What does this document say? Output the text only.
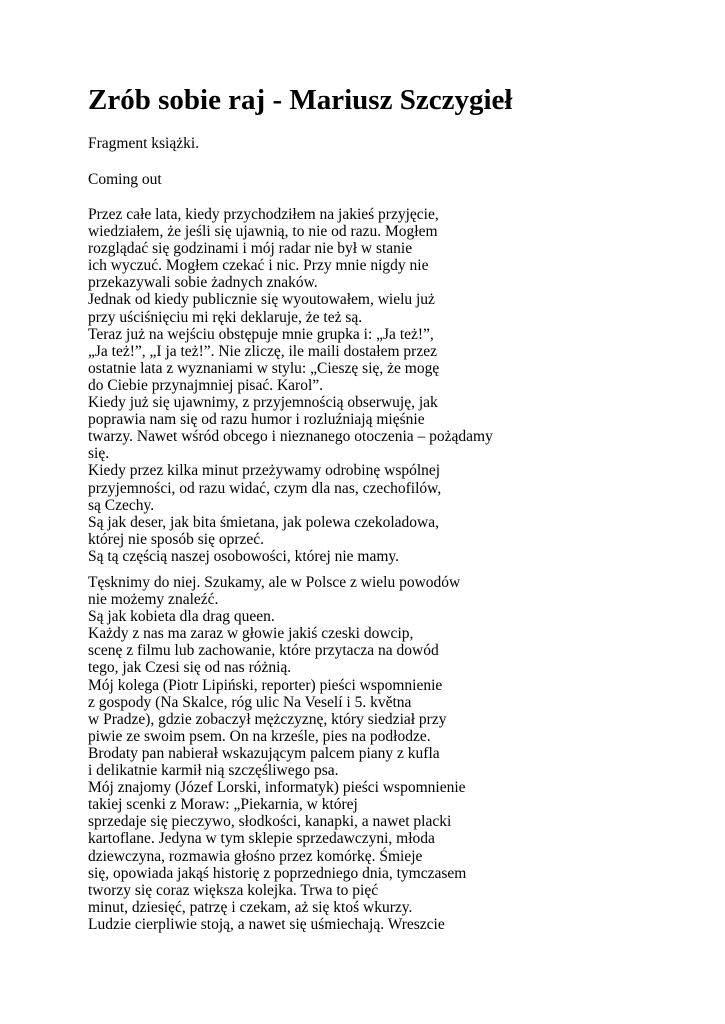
Zrób sobie raj - Mariusz Szczygieł

Fragment książki.

Coming out

Przez całe lata, kiedy przychodziłem na jakieś przyjęcie,
wiedziałem, że jeśli się ujawnią, to nie od razu. Mogłem
rozglądać się godzinami i mój radar nie był w stanie
ich wyczuć. Mogłem czekać i nic. Przy mnie nigdy nie
przekazywali sobie żadnych znaków.
Jednak od kiedy publicznie się wyoutowałem, wielu już
przy uściśnięciu mi ręki deklaruje, że też są.
Teraz już na wejściu obstępuje mnie grupka i: „Ja też!”,
„Ja też!”, „I ja też!”. Nie zliczę, ile maili dostałem przez
ostatnie lata z wyznaniami w stylu: „Cieszę się, że mogę
do Ciebie przynajmniej pisać. Karol”.
Kiedy już się ujawnimy, z przyjemnością obserwuję, jak
poprawia nam się od razu humor i rozluźniają mięśnie
twarzy. Nawet wśród obcego i nieznanego otoczenia – pożądamy
się.
Kiedy przez kilka minut przeżywamy odrobinę wspólnej
przyjemności, od razu widać, czym dla nas, czechofilów,
są Czechy.
Są jak deser, jak bita śmietana, jak polewa czekoladowa,
której nie sposób się oprzeć.
Są tą częścią naszej osobowości, której nie mamy.
Tęsknimy do niej. Szukamy, ale w Polsce z wielu powodów
nie możemy znaleźć.
Są jak kobieta dla drag queen.
Każdy z nas ma zaraz w głowie jakiś czeski dowcip,
scenę z filmu lub zachowanie, które przytacza na dowód
tego, jak Czesi się od nas różnią.
Mój kolega (Piotr Lipiński, reporter) pieści wspomnienie
z gospody (Na Skalce, róg ulic Na Veselí i 5. května
w Pradze), gdzie zobaczył mężczyznę, który siedział przy
piwie ze swoim psem. On na krześle, pies na podłodze.
Brodaty pan nabierał wskazującym palcem piany z kufla
i delikatnie karmił nią szczęśliwego psa.
Mój znajomy (Józef Lorski, informatyk) pieści wspomnienie
takiej scenki z Moraw: „Piekarnia, w której
sprzedaje się pieczywo, słodkości, kanapki, a nawet placki
kartoflane. Jedyna w tym sklepie sprzedawczyni, młoda
dziewczyna, rozmawia głośno przez komórkę. Śmieje
się, opowiada jakąś historię z poprzedniego dnia, tymczasem
tworzy się coraz większa kolejka. Trwa to pięć
minut, dziesięć, patrzę i czekam, aż się ktoś wkurzy.
Ludzie cierpliwie stoją, a nawet się uśmiechają. Wreszcie
